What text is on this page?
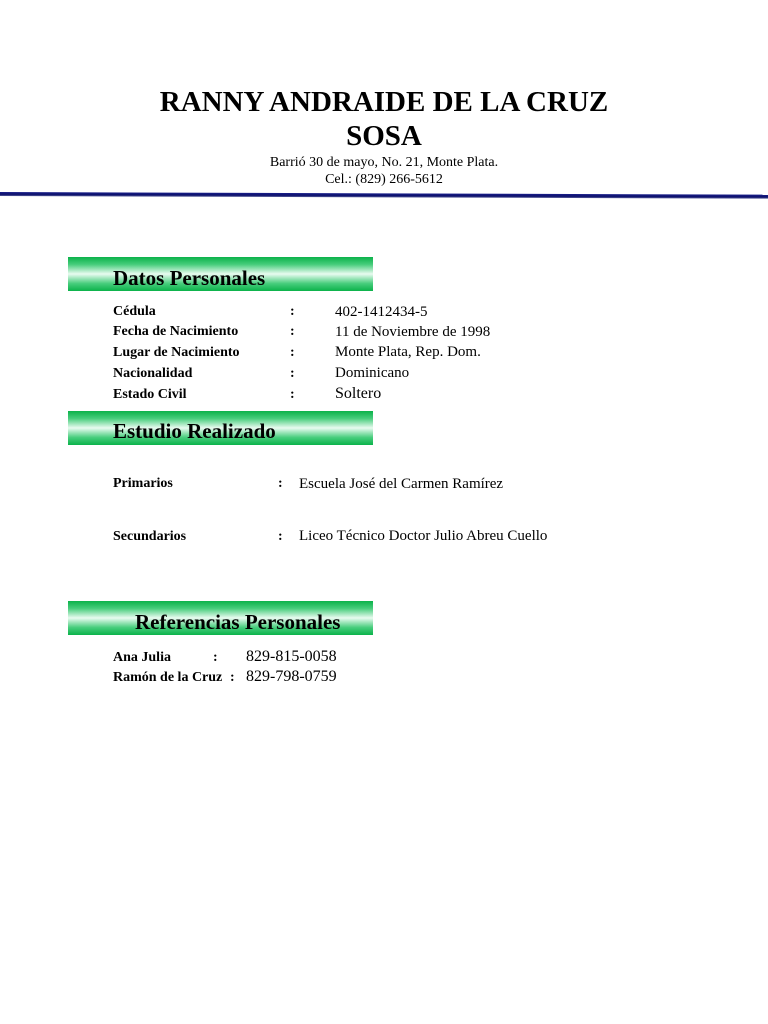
RANNY ANDRAIDE DE LA CRUZ
SOSA
Barrió 30 de mayo, No. 21, Monte Plata.
Cel.: (829) 266-5612
Datos Personales
Cédula	:	402-1412434-5
Fecha de Nacimiento	:	11 de Noviembre de 1998
Lugar de Nacimiento	:	Monte Plata, Rep. Dom.
Nacionalidad	:	Dominicano
Estado Civil	:	Soltero
Estudio Realizado
Primarios	: Escuela José del Carmen Ramírez
Secundarios	: Liceo Técnico Doctor Julio Abreu Cuello
Referencias Personales
Ana Julia	: 829-815-0058
Ramón de la Cruz : 829-798-0759
